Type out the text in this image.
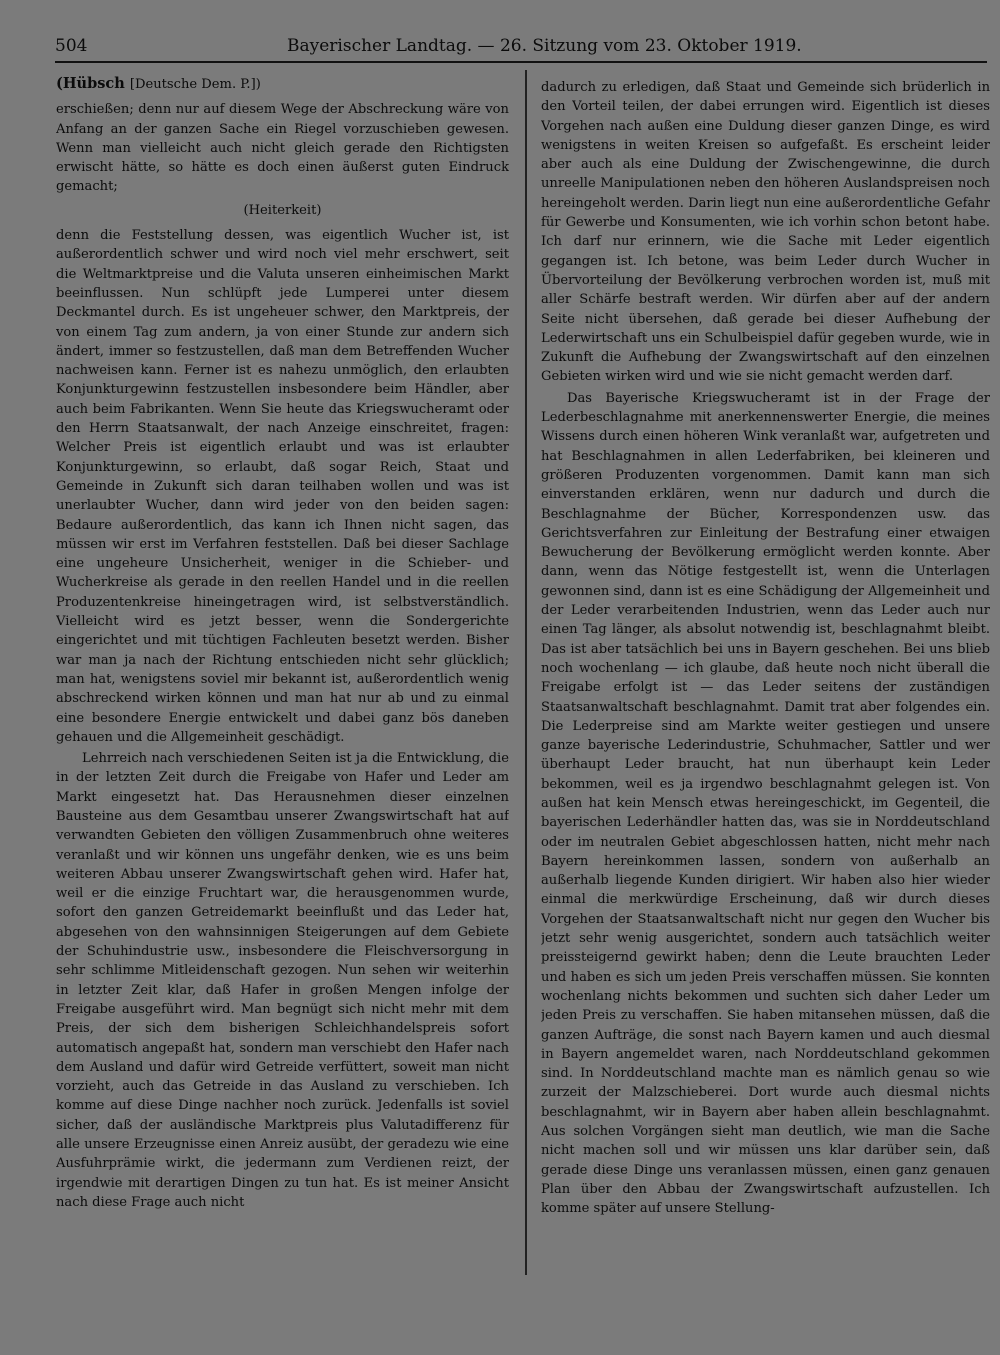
504	Bayerischer Landtag. — 26. Sitzung vom 23. Oktober 1919.

(Hübsch [Deutsche Dem. P.])

erschießen; denn nur auf diesem Wege der Abschreckung wäre von Anfang an der ganzen Sache ein Riegel vorzuschieben gewesen. Wenn man vielleicht auch nicht gleich gerade den Richtigsten erwischt hätte, so hätte es doch einen äußerst guten Eindruck gemacht;

(Heiterkeit)

denn die Feststellung dessen, was eigentlich Wucher ist, ist außerordentlich schwer und wird noch viel mehr erschwert, seit die Weltmarktpreise und die Valuta unseren einheimischen Markt beeinflussen. Nun schlüpft jede Lumperei unter diesem Deckmantel durch. Es ist ungeheuer schwer, den Marktpreis, der von einem Tag zum andern, ja von einer Stunde zur andern sich ändert, immer so festzustellen, daß man dem Betreffenden Wucher nachweisen kann. Ferner ist es nahezu unmöglich, den erlaubten Konjunkturgewinn festzustellen insbesondere beim Händler, aber auch beim Fabrikanten. Wenn Sie heute das Kriegswucheramt oder den Herrn Staatsanwalt, der nach Anzeige einschreitet, fragen: Welcher Preis ist eigentlich erlaubt und was ist erlaubter Konjunkturgewinn, so erlaubt, daß sogar Reich, Staat und Gemeinde in Zukunft sich daran teilhaben wollen und was ist unerlaubter Wucher, dann wird jeder von den beiden sagen: Bedaure außerordentlich, das kann ich Ihnen nicht sagen, das müssen wir erst im Verfahren feststellen. Daß bei dieser Sachlage eine ungeheure Unsicherheit, weniger in die Schieber- und Wucherkreise als gerade in den reellen Handel und in die reellen Produzentenkreise hineingetragen wird, ist selbstverständlich. Vielleicht wird es jetzt besser, wenn die Sondergerichte eingerichtet und mit tüchtigen Fachleuten besetzt werden. Bisher war man ja nach der Richtung entschieden nicht sehr glücklich; man hat, wenigstens soviel mir bekannt ist, außerordentlich wenig abschreckend wirken können und man hat nur ab und zu einmal eine besondere Energie entwickelt und dabei ganz bös daneben gehauen und die Allgemeinheit geschädigt.

Lehrreich nach verschiedenen Seiten ist ja die Entwicklung, die in der letzten Zeit durch die Freigabe von Hafer und Leder am Markt eingesetzt hat. Das Herausnehmen dieser einzelnen Bausteine aus dem Gesamtbau unserer Zwangswirtschaft hat auf verwandten Gebieten den völligen Zusammenbruch ohne weiteres veranlaßt und wir können uns ungefähr denken, wie es uns beim weiteren Abbau unserer Zwangswirtschaft gehen wird. Hafer hat, weil er die einzige Fruchtart war, die herausgenommen wurde, sofort den ganzen Getreidemarkt beeinflußt und das Leder hat, abgesehen von den wahnsinnigen Steigerungen auf dem Gebiete der Schuhindustrie usw., insbesondere die Fleischversorgung in sehr schlimme Mitleidenschaft gezogen. Nun sehen wir weiterhin in letzter Zeit klar, daß Hafer in großen Mengen infolge der Freigabe ausgeführt wird. Man begnügt sich nicht mehr mit dem Preis, der sich dem bisherigen Schleichhandelspreis sofort automatisch angepaßt hat, sondern man verschiebt den Hafer nach dem Ausland und dafür wird Getreide verfüttert, soweit man nicht vorzieht, auch das Getreide in das Ausland zu verschieben. Ich komme auf diese Dinge nachher noch zurück. Jedenfalls ist soviel sicher, daß der ausländische Marktpreis plus Valutadifferenz für alle unsere Erzeugnisse einen Anreiz ausübt, der geradezu wie eine Ausfuhrprämie wirkt, die jedermann zum Verdienen reizt, der irgendwie mit derartigen Dingen zu tun hat. Es ist meiner Ansicht nach diese Frage auch nicht

dadurch zu erledigen, daß Staat und Gemeinde sich brüderlich in den Vorteil teilen, der dabei errungen wird. Eigentlich ist dieses Vorgehen nach außen eine Duldung dieser ganzen Dinge, es wird wenigstens in weiten Kreisen so aufgefaßt. Es erscheint leider aber auch als eine Duldung der Zwischengewinne, die durch unreelle Manipulationen neben den höheren Auslandspreisen noch hereingeholt werden. Darin liegt nun eine außerordentliche Gefahr für Gewerbe und Konsumenten, wie ich vorhin schon betont habe. Ich darf nur erinnern, wie die Sache mit Leder eigentlich gegangen ist. Ich betone, was beim Leder durch Wucher in Übervorteilung der Bevölkerung verbrochen worden ist, muß mit aller Schärfe bestraft werden. Wir dürfen aber auf der andern Seite nicht übersehen, daß gerade bei dieser Aufhebung der Lederwirtschaft uns ein Schulbeispiel dafür gegeben wurde, wie in Zukunft die Aufhebung der Zwangswirtschaft auf den einzelnen Gebieten wirken wird und wie sie nicht gemacht werden darf.

Das Bayerische Kriegswucheramt ist in der Frage der Lederbeschlagnahme mit anerkennenswerter Energie, die meines Wissens durch einen höheren Wink veranlaßt war, aufgetreten und hat Beschlagnahmen in allen Lederfabriken, bei kleineren und größeren Produzenten vorgenommen. Damit kann man sich einverstanden erklären, wenn nur dadurch und durch die Beschlagnahme der Bücher, Korrespondenzen usw. das Gerichtsverfahren zur Einleitung der Bestrafung einer etwaigen Bewucherung der Bevölkerung ermöglicht werden konnte. Aber dann, wenn das Nötige festgestellt ist, wenn die Unterlagen gewonnen sind, dann ist es eine Schädigung der Allgemeinheit und der Leder verarbeitenden Industrien, wenn das Leder auch nur einen Tag länger, als absolut notwendig ist, beschlagnahmt bleibt. Das ist aber tatsächlich bei uns in Bayern geschehen. Bei uns blieb noch wochenlang — ich glaube, daß heute noch nicht überall die Freigabe erfolgt ist — das Leder seitens der zuständigen Staatsanwaltschaft beschlagnahmt. Damit trat aber folgendes ein. Die Lederpreise sind am Markte weiter gestiegen und unsere ganze bayerische Lederindustrie, Schuhmacher, Sattler und wer überhaupt Leder braucht, hat nun überhaupt kein Leder bekommen, weil es ja irgendwo beschlagnahmt gelegen ist. Von außen hat kein Mensch etwas hereingeschickt, im Gegenteil, die bayerischen Lederhändler hatten das, was sie in Norddeutschland oder im neutralen Gebiet abgeschlossen hatten, nicht mehr nach Bayern hereinkommen lassen, sondern von außerhalb an außerhalb liegende Kunden dirigiert. Wir haben also hier wieder einmal die merkwürdige Erscheinung, daß wir durch dieses Vorgehen der Staatsanwaltschaft nicht nur gegen den Wucher bis jetzt sehr wenig ausgerichtet, sondern auch tatsächlich weiter preissteigernd gewirkt haben; denn die Leute brauchten Leder und haben es sich um jeden Preis verschaffen müssen. Sie konnten wochenlang nichts bekommen und suchten sich daher Leder um jeden Preis zu verschaffen. Sie haben mitansehen müssen, daß die ganzen Aufträge, die sonst nach Bayern kamen und auch diesmal in Bayern angemeldet waren, nach Norddeutschland gekommen sind. In Norddeutschland machte man es nämlich genau so wie zurzeit der Malzschieberei. Dort wurde auch diesmal nichts beschlagnahmt, wir in Bayern aber haben allein beschlagnahmt. Aus solchen Vorgängen sieht man deutlich, wie man die Sache nicht machen soll und wir müssen uns klar darüber sein, daß gerade diese Dinge uns veranlassen müssen, einen ganz genauen Plan über den Abbau der Zwangswirtschaft aufzustellen. Ich komme später auf unsere Stellung-
